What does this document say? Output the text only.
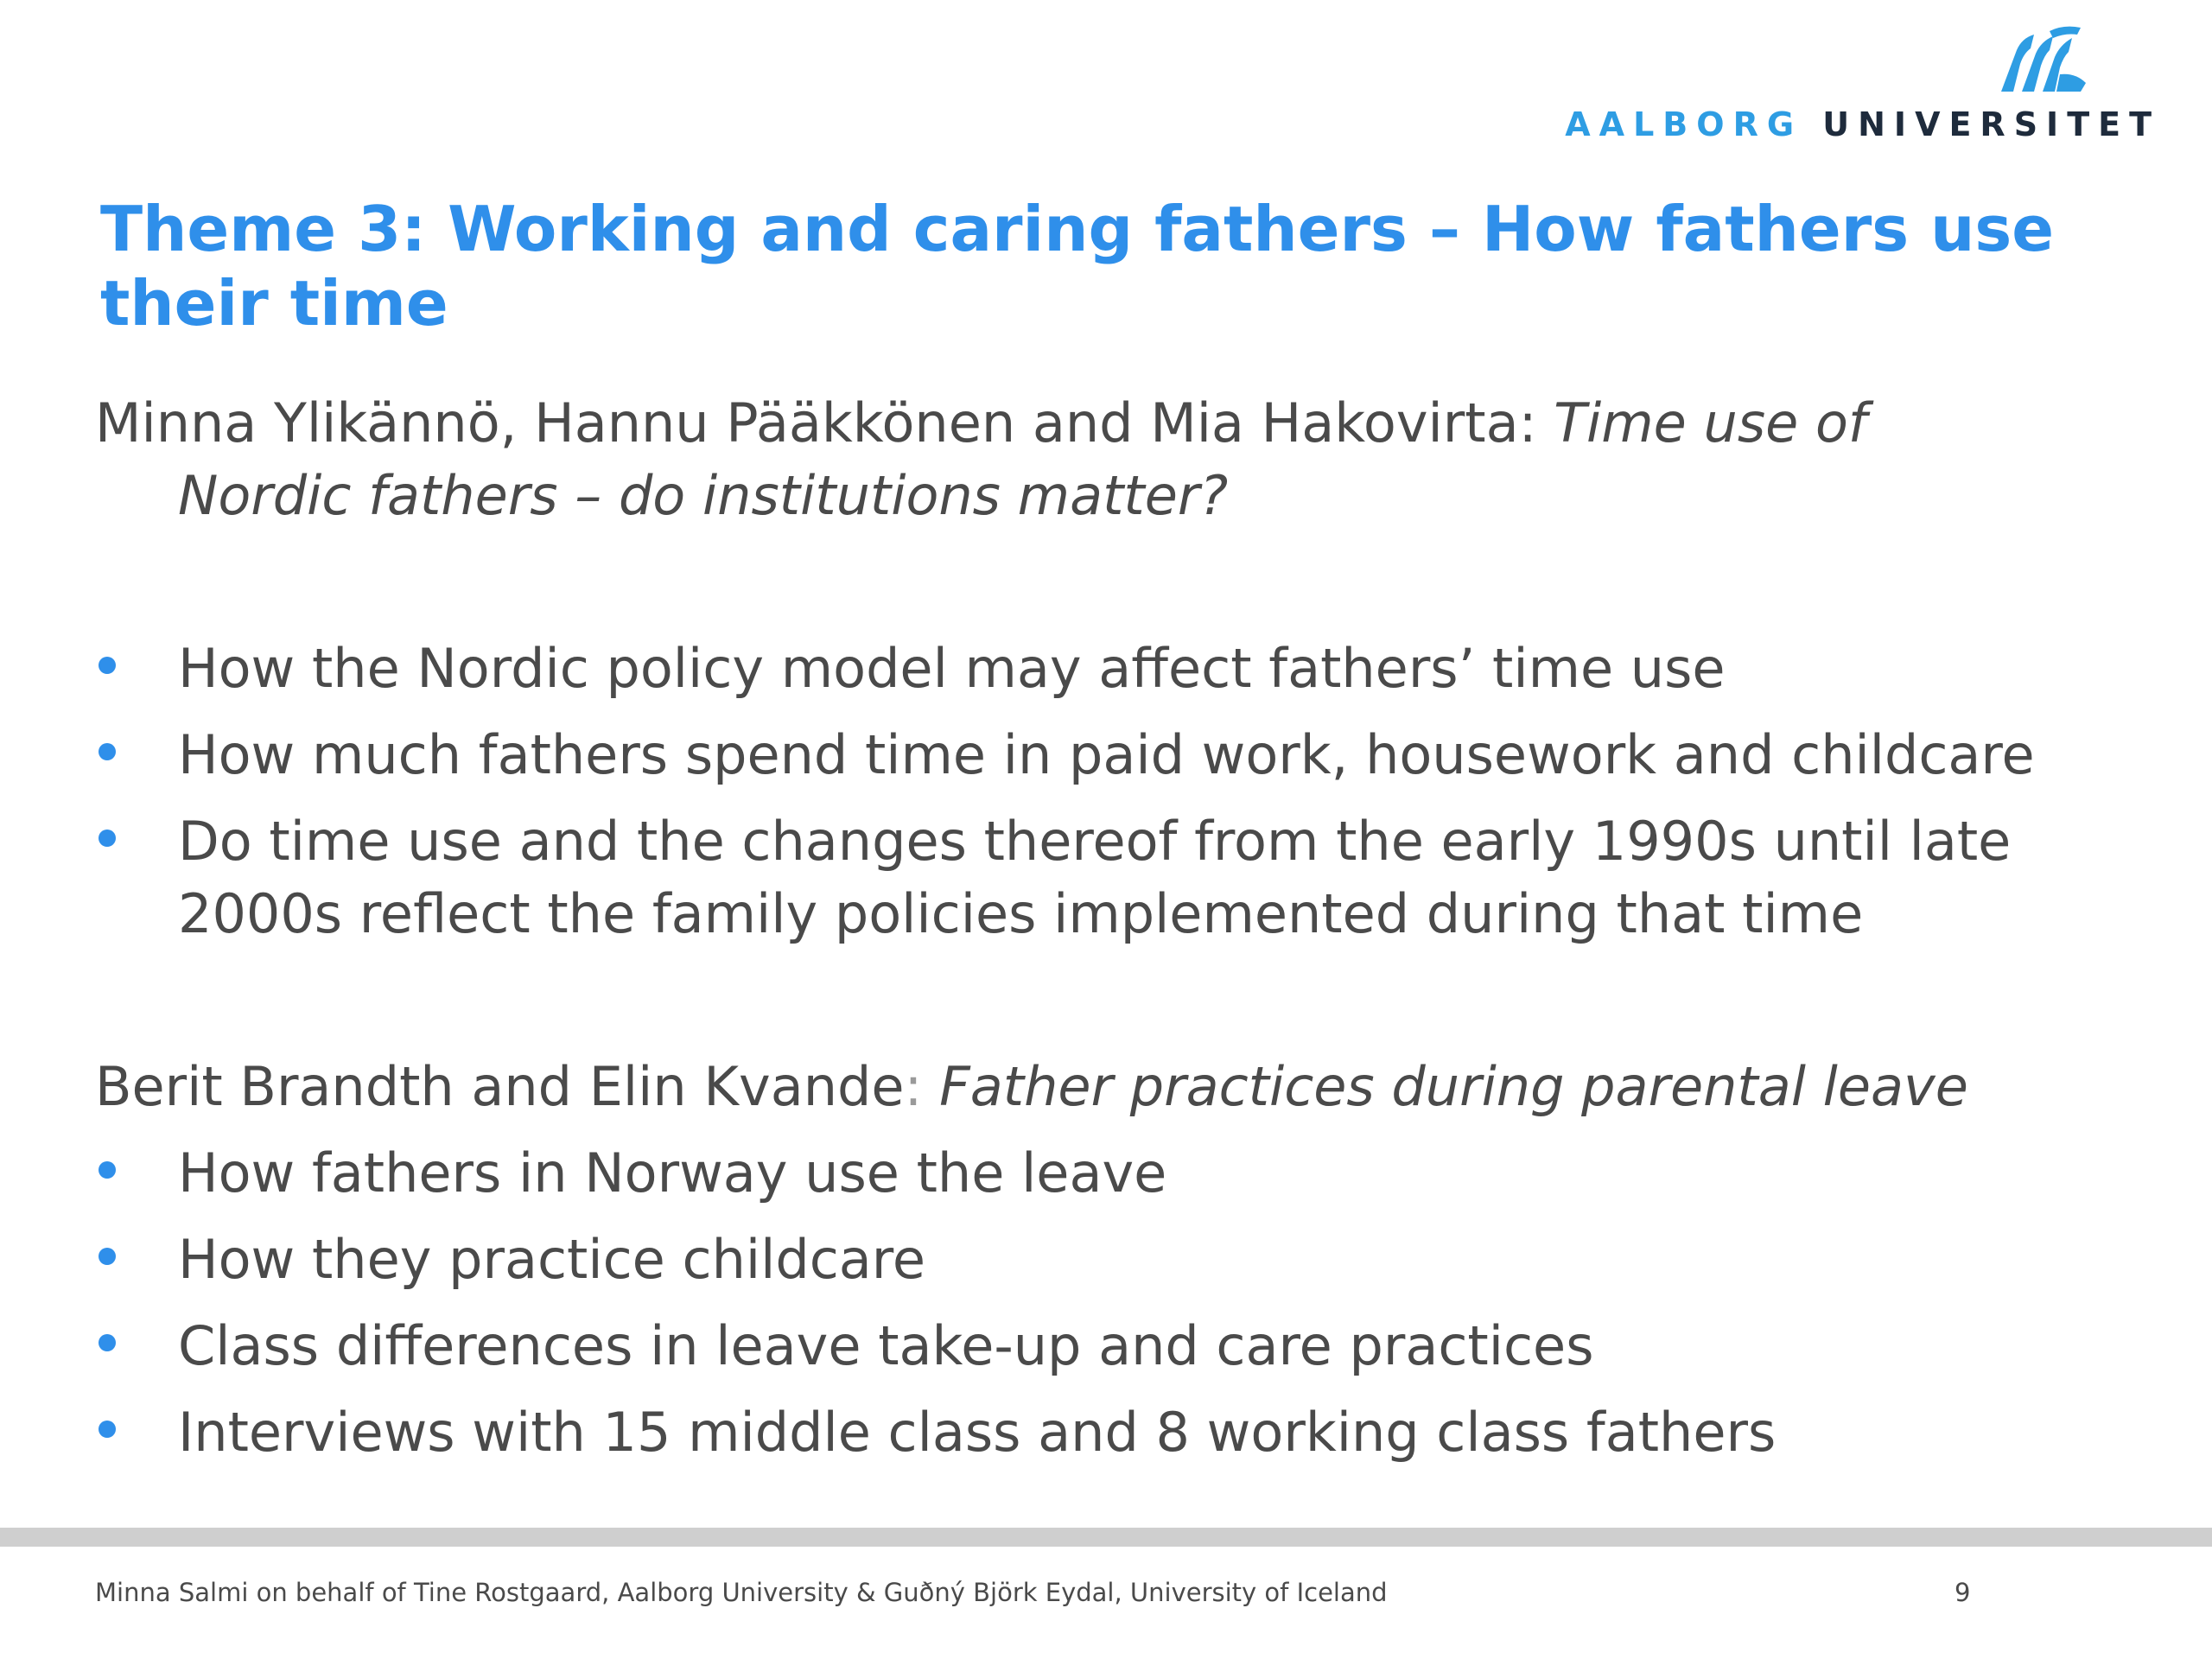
AALBORG UNIVERSITET
Theme 3: Working and caring fathers – How fathers use their time

Minna Ylikännö, Hannu Pääkkönen and Mia Hakovirta: Time use of
Nordic fathers – do institutions matter?

How the Nordic policy model may affect fathers’ time use
How much fathers spend time in paid work, housework and childcare
Do time use and the changes thereof from the early 1990s until late 2000s reflect the family policies implemented during that time

Berit Brandth and Elin Kvande: Father practices during parental leave

How fathers in Norway use the leave
How they practice childcare
Class differences in leave take-up and care practices
Interviews with 15 middle class and 8 working class fathers
Minna Salmi on behalf of Tine Rostgaard, Aalborg University & Guðný Björk Eydal, University of Iceland	9
